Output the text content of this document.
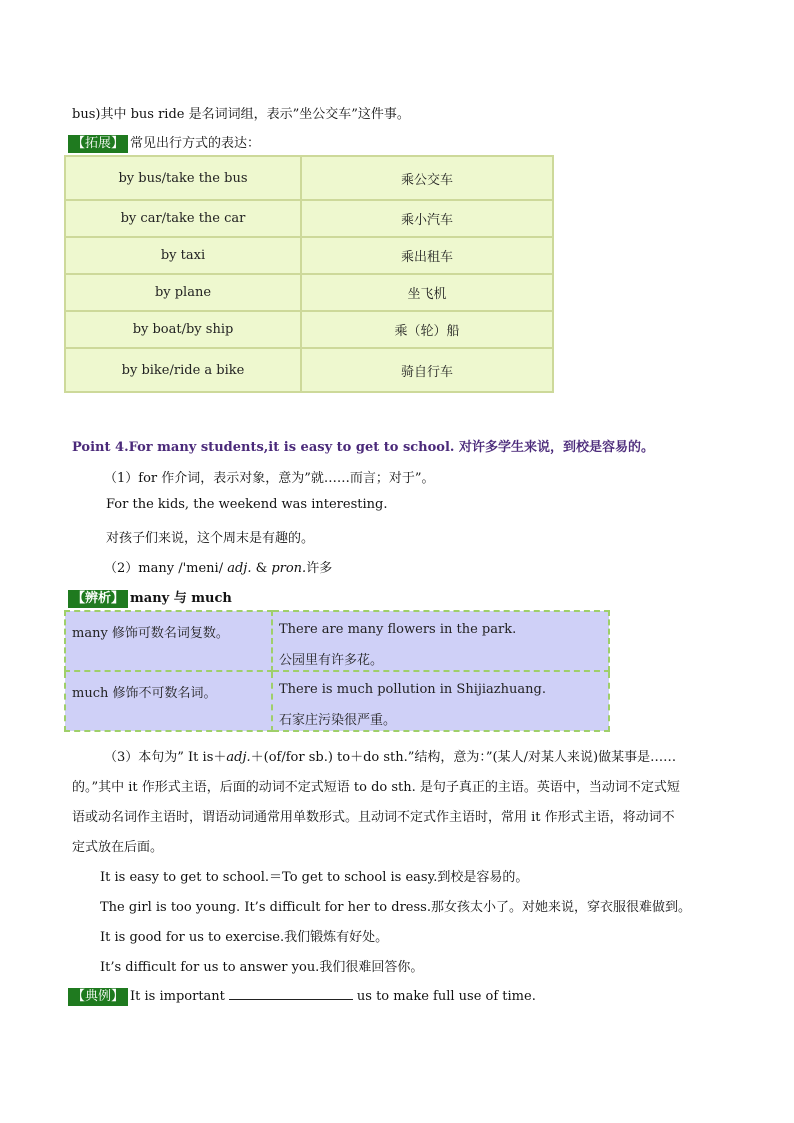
bus)其中 bus ride 是名词词组，表示”坐公交车”这件事。
【拓展】 常见出行方式的表达：
by bus/take the bus	乘公交车
by car/take the car	乘小汽车
by taxi	乘出租车
by plane	坐飞机
by boat/by ship	乘（轮）船
by bike/ride a bike	骑自行车
Point 4.For many students,it is easy to get to school. 对许多学生来说，到校是容易的。
（1）for 作介词，表示对象，意为”就……而言；对于”。
For the kids, the weekend was interesting.
对孩子们来说，这个周末是有趣的。
（2）many /'meni/ adj. & pron.许多
【辨析】 many 与 much
many 修饰可数名词复数。	There are many flowers in the park.
公园里有许多花。

much 修饰不可数名词。	There is much pollution in Shijiazhuang.
石家庄污染很严重。
（3）本句为” It is＋adj.＋(of/for sb.) to＋do sth.”结构，意为：”(某人/对某人来说)做某事是……
的。”其中 it 作形式主语，后面的动词不定式短语 to do sth. 是句子真正的主语。英语中，当动词不定式短
语或动名词作主语时，谓语动词通常用单数形式。且动词不定式作主语时，常用 it 作形式主语，将动词不
定式放在后面。
It is easy to get to school.＝To get to school is easy.到校是容易的。
The girl is too young. It’s difficult for her to dress.那女孩太小了。对她来说，穿衣服很难做到。
It is good for us to exercise.我们锻炼有好处。
It’s difficult for us to answer you.我们很难回答你。
【典例】 It is important	us to make full use of time.
